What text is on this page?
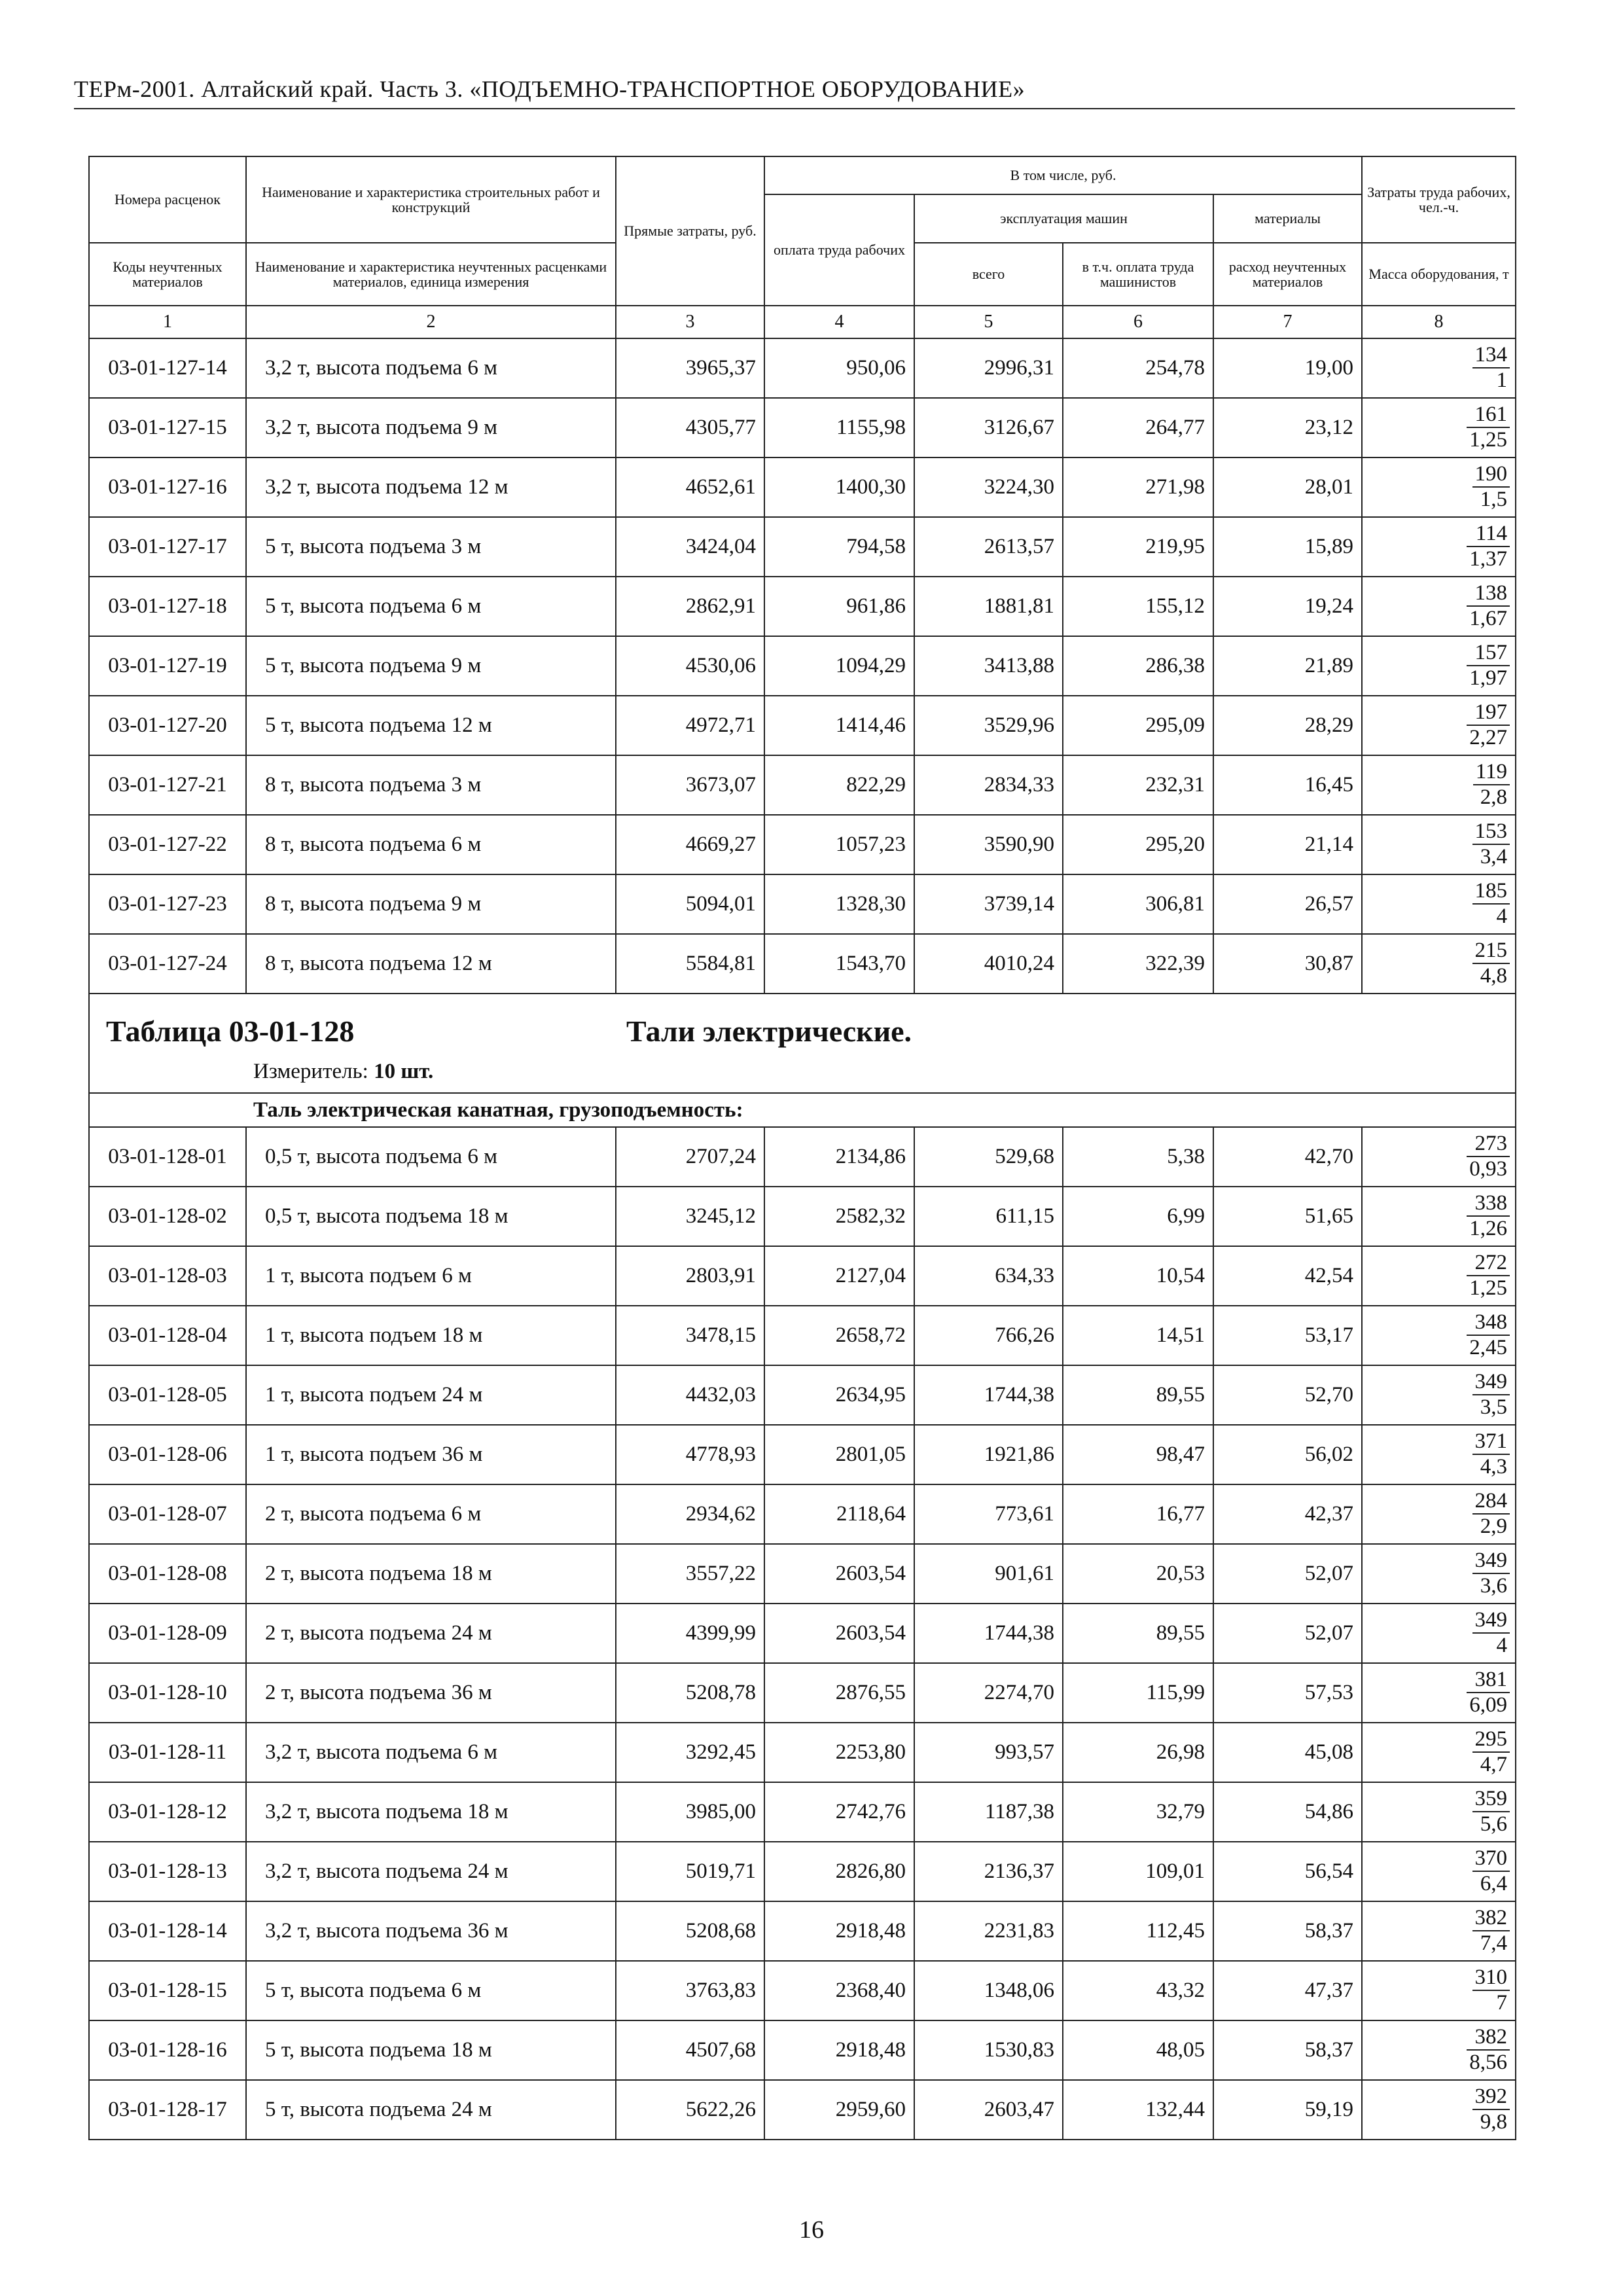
ТЕРм-2001. Алтайский край. Часть 3. «ПОДЪЕМНО-ТРАНСПОРТНОЕ ОБОРУДОВАНИЕ»
Номера расценок	Наименование и характеристика строительных работ и конструкций	Прямые затраты, руб.	В том числе, руб.				Затраты труда рабочих, чел.-ч.
			оплата труда рабочих	эксплуатация машин		материалы	
Коды неучтенных материалов	Наименование и характеристика неучтенных расценками материалов, единица измерения			всего	в т.ч. оплата труда машинистов	расход неучтенных материалов	Масса оборудования, т
1	2	3	4	5	6	7	8
03-01-127-14	3,2 т, высота подъема 6 м	3965,37	950,06	2996,31	254,78	19,00	$\frac{134}{1}$

03-01-127-15	3,2 т, высота подъема 9 м	4305,77	1155,98	3126,67	264,77	23,12	$\frac{161}{1,25}$

03-01-127-16	3,2 т, высота подъема 12 м	4652,61	1400,30	3224,30	271,98	28,01	$\frac{190}{1,5}$

03-01-127-17	5 т, высота подъема 3 м	3424,04	794,58	2613,57	219,95	15,89	$\frac{114}{1,37}$

03-01-127-18	5 т, высота подъема 6 м	2862,91	961,86	1881,81	155,12	19,24	$\frac{138}{1,67}$

03-01-127-19	5 т, высота подъема 9 м	4530,06	1094,29	3413,88	286,38	21,89	$\frac{157}{1,97}$

03-01-127-20	5 т, высота подъема 12 м	4972,71	1414,46	3529,96	295,09	28,29	$\frac{197}{2,27}$

03-01-127-21	8 т, высота подъема 3 м	3673,07	822,29	2834,33	232,31	16,45	$\frac{119}{2,8}$

03-01-127-22	8 т, высота подъема 6 м	4669,27	1057,23	3590,90	295,20	21,14	$\frac{153}{3,4}$

03-01-127-23	8 т, высота подъема 9 м	5094,01	1328,30	3739,14	306,81	26,57	$\frac{185}{4}$

03-01-127-24	8 т, высота подъема 12 м	5584,81	1543,70	4010,24	322,39	30,87	$\frac{215}{4,8}$

Таблица 03-01-128 Тали электрические.
Измеритель: 10 шт.							

Таль электрическая канатная, грузоподъемность:							
03-01-128-01	0,5 т, высота подъема 6 м	2707,24	2134,86	529,68	5,38	42,70	$\frac{273}{0,93}$

03-01-128-02	0,5 т, высота подъема 18 м	3245,12	2582,32	611,15	6,99	51,65	$\frac{338}{1,26}$

03-01-128-03	1 т, высота подъем 6 м	2803,91	2127,04	634,33	10,54	42,54	$\frac{272}{1,25}$

03-01-128-04	1 т, высота подъем 18 м	3478,15	2658,72	766,26	14,51	53,17	$\frac{348}{2,45}$

03-01-128-05	1 т, высота подъем 24 м	4432,03	2634,95	1744,38	89,55	52,70	$\frac{349}{3,5}$

03-01-128-06	1 т, высота подъем 36 м	4778,93	2801,05	1921,86	98,47	56,02	$\frac{371}{4,3}$

03-01-128-07	2 т, высота подъема 6 м	2934,62	2118,64	773,61	16,77	42,37	$\frac{284}{2,9}$

03-01-128-08	2 т, высота подъема 18 м	3557,22	2603,54	901,61	20,53	52,07	$\frac{349}{3,6}$

03-01-128-09	2 т, высота подъема 24 м	4399,99	2603,54	1744,38	89,55	52,07	$\frac{349}{4}$

03-01-128-10	2 т, высота подъема 36 м	5208,78	2876,55	2274,70	115,99	57,53	$\frac{381}{6,09}$

03-01-128-11	3,2 т, высота подъема 6 м	3292,45	2253,80	993,57	26,98	45,08	$\frac{295}{4,7}$

03-01-128-12	3,2 т, высота подъема 18 м	3985,00	2742,76	1187,38	32,79	54,86	$\frac{359}{5,6}$

03-01-128-13	3,2 т, высота подъема 24 м	5019,71	2826,80	2136,37	109,01	56,54	$\frac{370}{6,4}$

03-01-128-14	3,2 т, высота подъема 36 м	5208,68	2918,48	2231,83	112,45	58,37	$\frac{382}{7,4}$

03-01-128-15	5 т, высота подъема 6 м	3763,83	2368,40	1348,06	43,32	47,37	$\frac{310}{7}$

03-01-128-16	5 т, высота подъема 18 м	4507,68	2918,48	1530,83	48,05	58,37	$\frac{382}{8,56}$

03-01-128-17	5 т, высота подъема 24 м	5622,26	2959,60	2603,47	132,44	59,19	$\frac{392}{9,8}$
16
